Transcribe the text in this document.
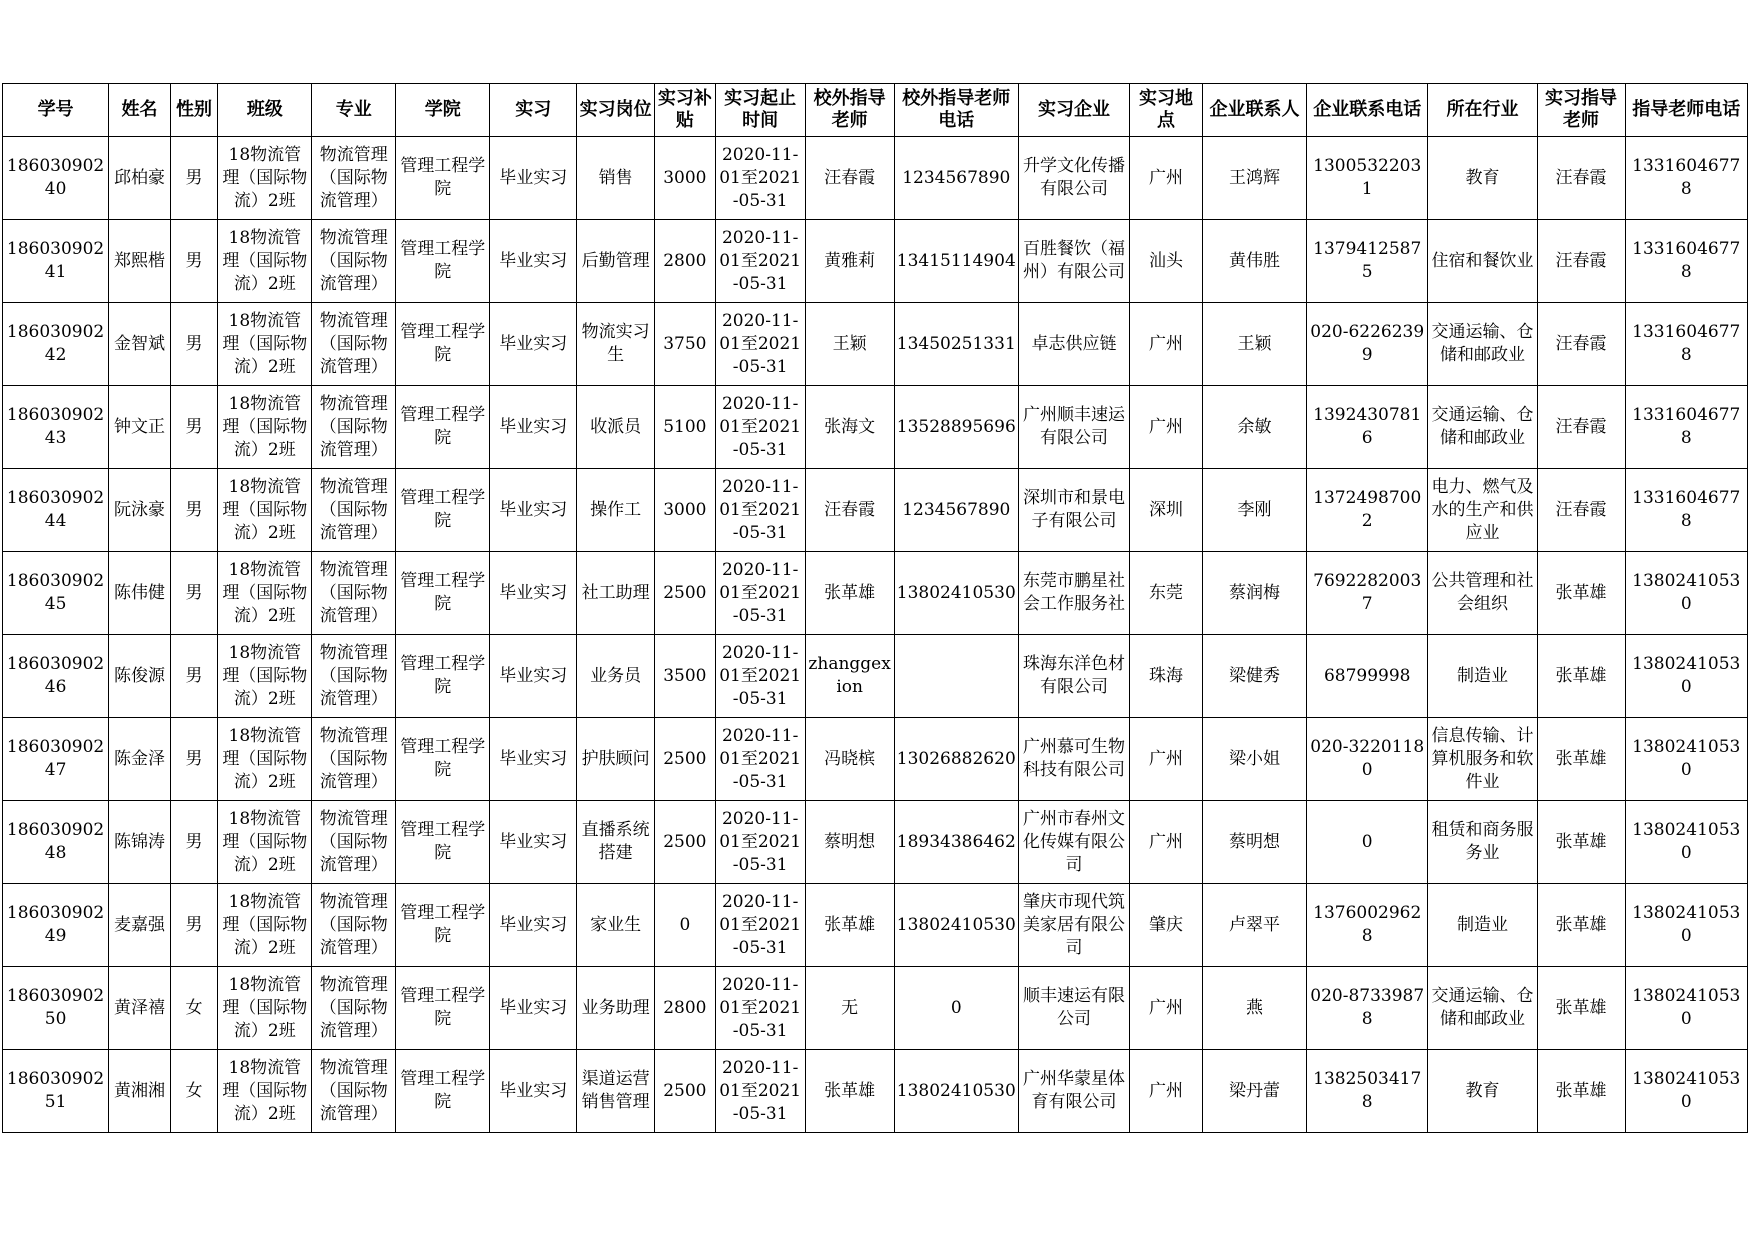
学号	姓名	性别	班级	专业	学院	实习	实习岗位	实习补贴	实习起止时间	校外指导老师	校外指导老师电话	实习企业	实习地点	企业联系人	企业联系电话	所在行业	实习指导老师	指导老师电话

18603090240	邱柏豪	男	18物流管理（国际物流）2班	物流管理（国际物流管理）	管理工程学院	毕业实习	销售	3000	2020-11-01至2021-05-31	汪春霞	1234567890	升学文化传播有限公司	广州	王鸿辉	13005322031	教育	汪春霞	13316046778

18603090241	郑熙楷	男	18物流管理（国际物流）2班	物流管理（国际物流管理）	管理工程学院	毕业实习	后勤管理	2800	2020-11-01至2021-05-31	黄雅莉	13415114904	百胜餐饮（福州）有限公司	汕头	黄伟胜	13794125875	住宿和餐饮业	汪春霞	13316046778

18603090242	金智斌	男	18物流管理（国际物流）2班	物流管理（国际物流管理）	管理工程学院	毕业实习	物流实习生	3750	2020-11-01至2021-05-31	王颖	13450251331	卓志供应链	广州	王颖	020-62262399	交通运输、仓储和邮政业	汪春霞	13316046778

18603090243	钟文正	男	18物流管理（国际物流）2班	物流管理（国际物流管理）	管理工程学院	毕业实习	收派员	5100	2020-11-01至2021-05-31	张海文	13528895696	广州顺丰速运有限公司	广州	余敏	13924307816	交通运输、仓储和邮政业	汪春霞	13316046778

18603090244	阮泳豪	男	18物流管理（国际物流）2班	物流管理（国际物流管理）	管理工程学院	毕业实习	操作工	3000	2020-11-01至2021-05-31	汪春霞	1234567890	深圳市和景电子有限公司	深圳	李刚	13724987002	电力、燃气及水的生产和供应业	汪春霞	13316046778

18603090245	陈伟健	男	18物流管理（国际物流）2班	物流管理（国际物流管理）	管理工程学院	毕业实习	社工助理	2500	2020-11-01至2021-05-31	张革雄	13802410530	东莞市鹏星社会工作服务社	东莞	蔡润梅	76922820037	公共管理和社会组织	张革雄	13802410530

18603090246	陈俊源	男	18物流管理（国际物流）2班	物流管理（国际物流管理）	管理工程学院	毕业实习	业务员	3500	2020-11-01至2021-05-31	zhanggexion		珠海东洋色材有限公司	珠海	梁健秀	68799998	制造业	张革雄	13802410530

18603090247	陈金泽	男	18物流管理（国际物流）2班	物流管理（国际物流管理）	管理工程学院	毕业实习	护肤顾问	2500	2020-11-01至2021-05-31	冯晓槟	13026882620	广州慕可生物科技有限公司	广州	梁小姐	020-32201180	信息传输、计算机服务和软件业	张革雄	13802410530

18603090248	陈锦涛	男	18物流管理（国际物流）2班	物流管理（国际物流管理）	管理工程学院	毕业实习	直播系统搭建	2500	2020-11-01至2021-05-31	蔡明想	18934386462	广州市春州文化传媒有限公司	广州	蔡明想	0	租赁和商务服务业	张革雄	13802410530

18603090249	麦嘉强	男	18物流管理（国际物流）2班	物流管理（国际物流管理）	管理工程学院	毕业实习	家业生	0	2020-11-01至2021-05-31	张革雄	13802410530	肇庆市现代筑美家居有限公司	肇庆	卢翠平	13760029628	制造业	张革雄	13802410530

18603090250	黄泽禧	女	18物流管理（国际物流）2班	物流管理（国际物流管理）	管理工程学院	毕业实习	业务助理	2800	2020-11-01至2021-05-31	无	0	顺丰速运有限公司	广州	燕	020-87339878	交通运输、仓储和邮政业	张革雄	13802410530

18603090251	黄湘湘	女	18物流管理（国际物流）2班	物流管理（国际物流管理）	管理工程学院	毕业实习	渠道运营销售管理	2500	2020-11-01至2021-05-31	张革雄	13802410530	广州华蒙星体育有限公司	广州	梁丹蕾	13825034178	教育	张革雄	13802410530
